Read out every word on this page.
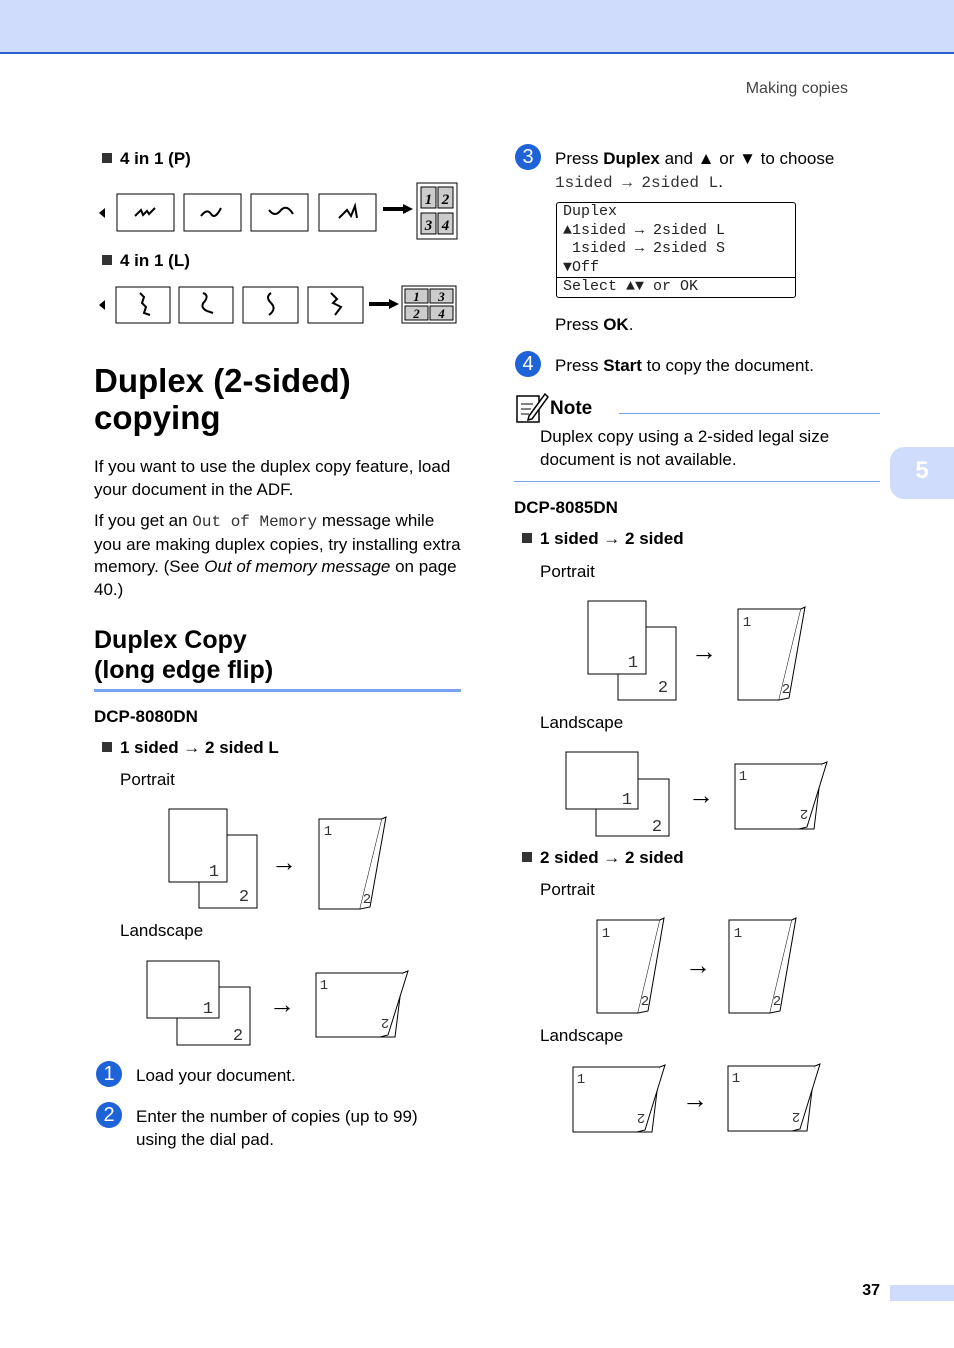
Making copies
4 in 1 (P)
1 2
3 4
4 in 1 (L)
1 3
2 4
Duplex (2-sided)
copying
If you want to use the duplex copy feature, load your document in the ADF.
If you get an Out of Memory message while you are making duplex copies, try installing extra memory. (See Out of memory message on page 40.)
Duplex Copy
(long edge flip)
DCP-8080DN
1 sided → 2 sided L
Portrait
2
1 →
1
2
Landscape
2
1 →
1
2
1	Load your document.
2	Enter the number of copies (up to 99) using the dial pad.
3	Press Duplex and ▲ or ▼ to choose
1sided → 2sided L.
Duplex
▲1sided → 2sided L
1sided → 2sided S
▼Off
Select ▲▼ or OK
Press OK.
4	Press Start to copy the document.
Note
Duplex copy using a 2-sided legal size document is not available.
DCP-8085DN
1 sided → 2 sided
Portrait
2
1 →
1
2
Landscape
2
1 →
1
2
2 sided → 2 sided
Portrait
1
2
→
1
2
Landscape
1
2
→
1
2
5
37
